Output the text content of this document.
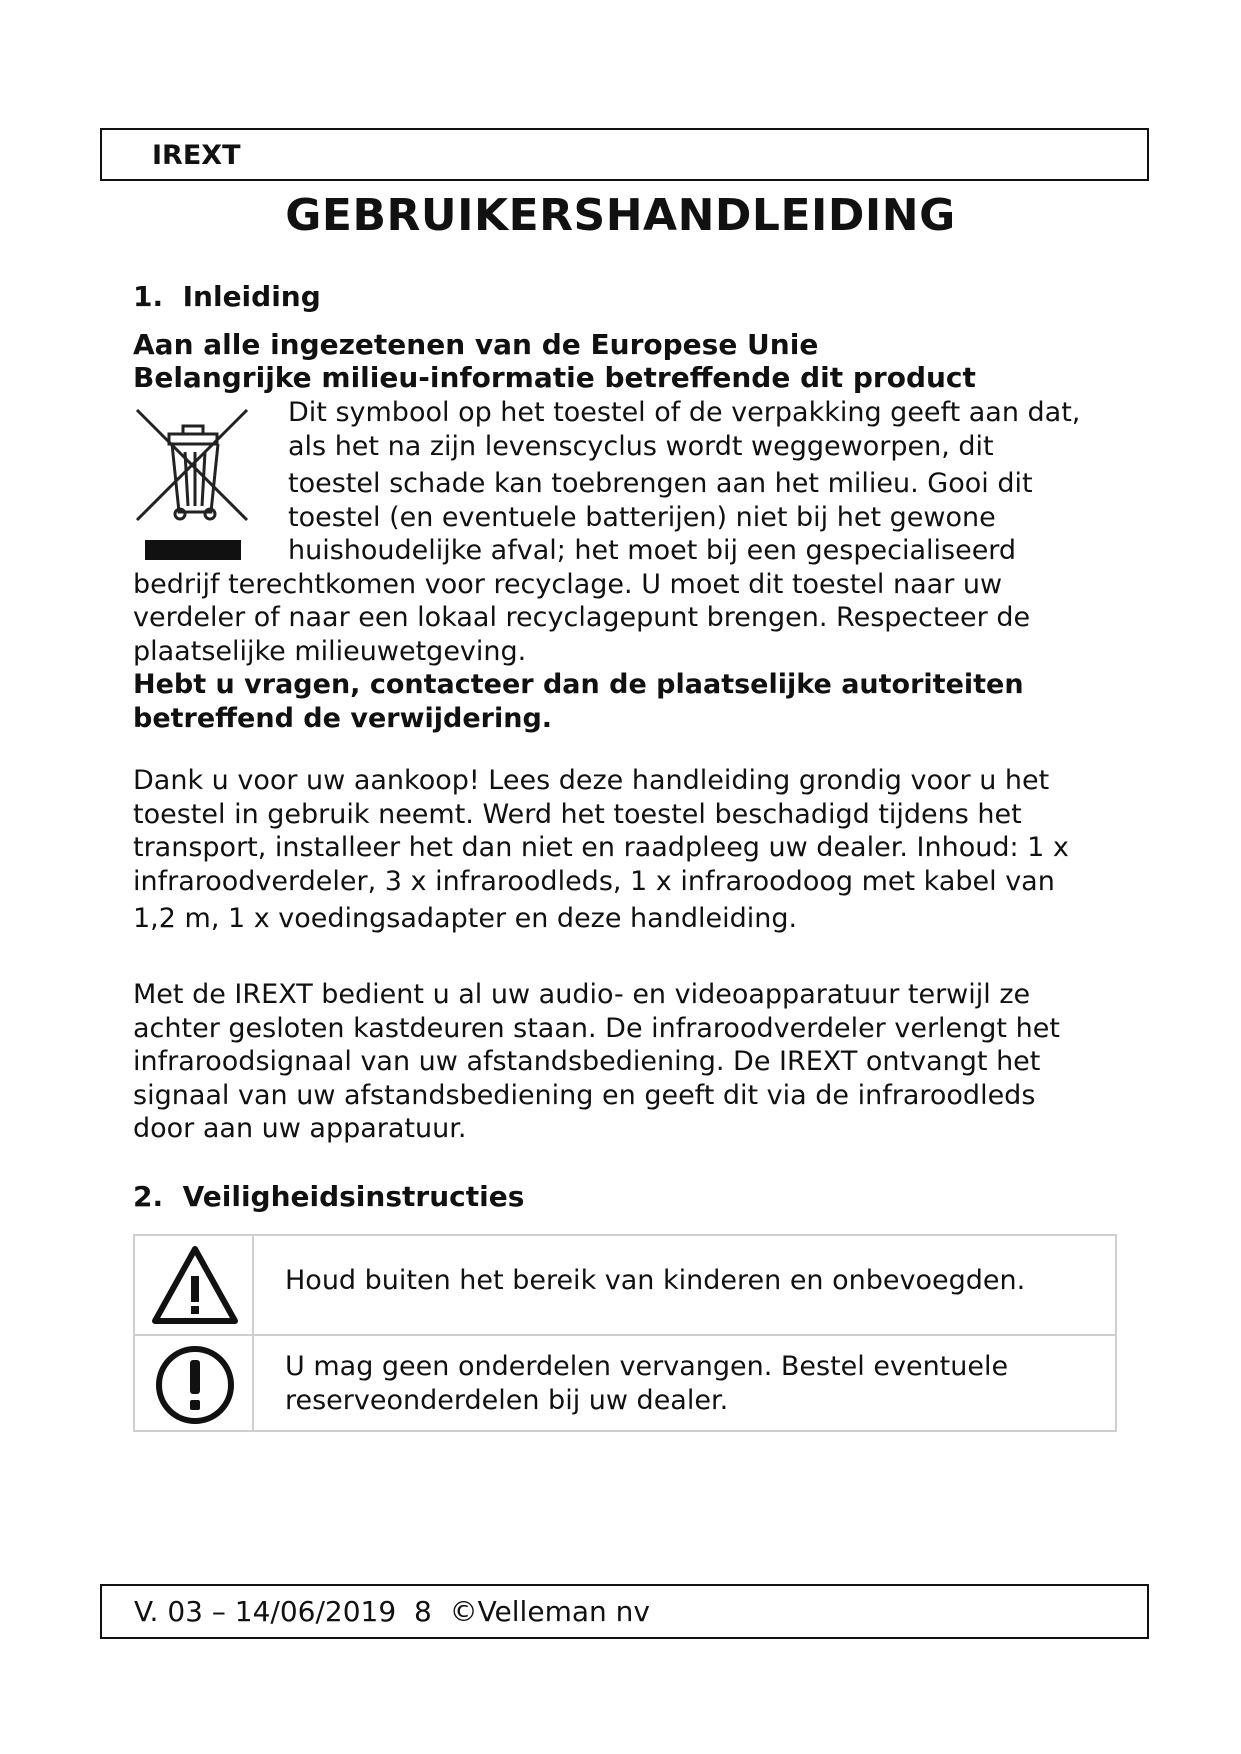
IREXT
GEBRUIKERSHANDLEIDING
1.  Inleiding
Aan alle ingezetenen van de Europese Unie
Belangrijke milieu-informatie betreffende dit product
Dit symbool op het toestel of de verpakking geeft aan dat,
als het na zijn levenscyclus wordt weggeworpen, dit
toestel schade kan toebrengen aan het milieu. Gooi dit
toestel (en eventuele batterijen) niet bij het gewone
huishoudelijke afval; het moet bij een gespecialiseerd
bedrijf terechtkomen voor recyclage. U moet dit toestel naar uw
verdeler of naar een lokaal recyclagepunt brengen. Respecteer de
plaatselijke milieuwetgeving.
Hebt u vragen, contacteer dan de plaatselijke autoriteiten
betreffend de verwijdering.
Dank u voor uw aankoop! Lees deze handleiding grondig voor u het
toestel in gebruik neemt. Werd het toestel beschadigd tijdens het
transport, installeer het dan niet en raadpleeg uw dealer. Inhoud: 1 x
infraroodverdeler, 3 x infraroodleds, 1 x infraroodoog met kabel van
1,2 m, 1 x voedingsadapter en deze handleiding.
Met de IREXT bedient u al uw audio- en videoapparatuur terwijl ze
achter gesloten kastdeuren staan. De infraroodverdeler verlengt het
infraroodsignaal van uw afstandsbediening. De IREXT ontvangt het
signaal van uw afstandsbediening en geeft dit via de infraroodleds
door aan uw apparatuur.
2.  Veiligheidsinstructies
Houd buiten het bereik van kinderen en onbevoegden.
U mag geen onderdelen vervangen. Bestel eventuele
reserveonderdelen bij uw dealer.
V. 03 – 14/06/2019  8  ©Velleman nv
